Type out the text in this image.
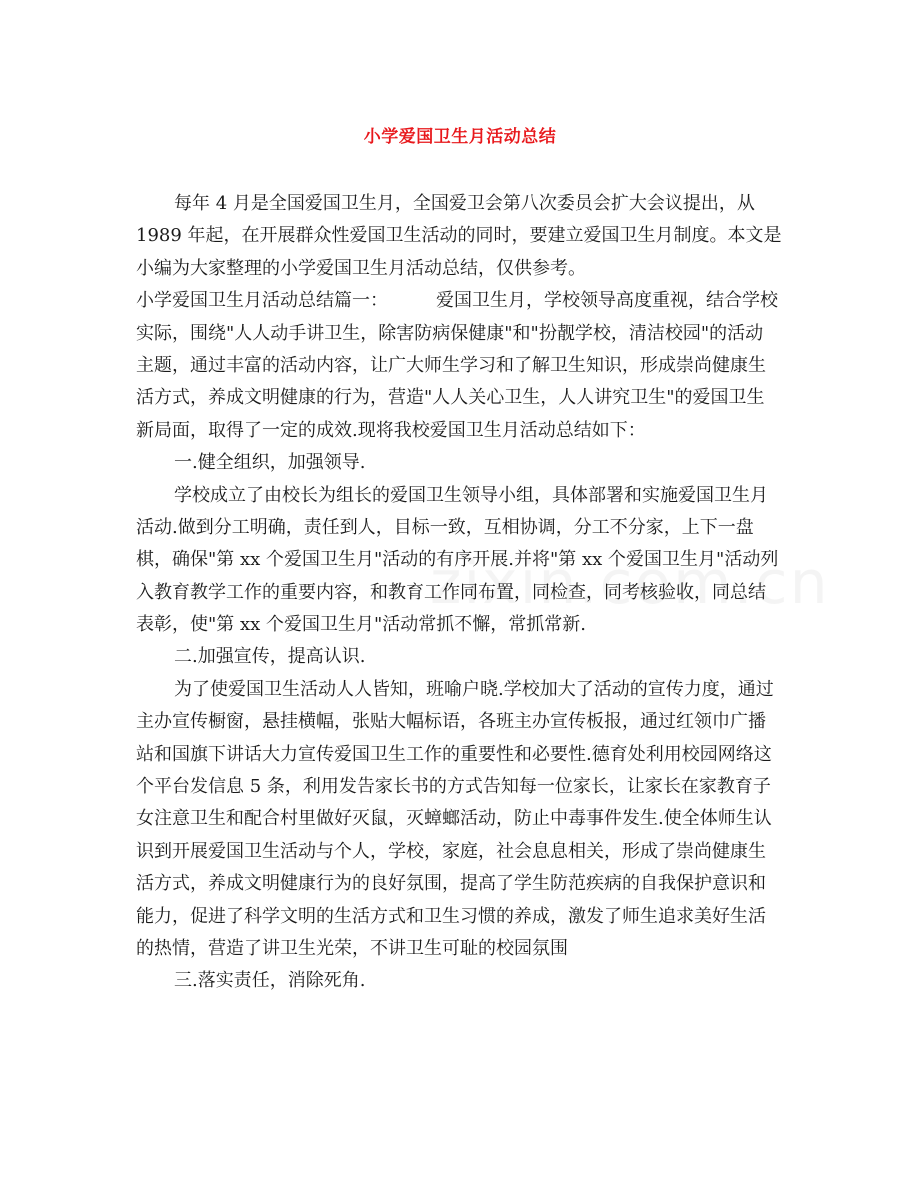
小学爱国卫生月活动总结
每年 4 月是全国爱国卫生月，全国爱卫会第八次委员会扩大会议提出，从
1989 年起，在开展群众性爱国卫生活动的同时，要建立爱国卫生月制度。本文是
小编为大家整理的小学爱国卫生月活动总结，仅供参考。
小学爱国卫生月活动总结篇一：	爱国卫生月，学校领导高度重视，结合学校
实际，围绕"人人动手讲卫生，除害防病保健康"和"扮靓学校，清洁校园"的活动
主题，通过丰富的活动内容，让广大师生学习和了解卫生知识，形成崇尚健康生
活方式，养成文明健康的行为，营造"人人关心卫生，人人讲究卫生"的爱国卫生
新局面，取得了一定的成效.现将我校爱国卫生月活动总结如下：
一.健全组织，加强领导.
学校成立了由校长为组长的爱国卫生领导小组，具体部署和实施爱国卫生月
活动.做到分工明确，责任到人，目标一致，互相协调，分工不分家，上下一盘
棋，确保"第 xx 个爱国卫生月"活动的有序开展.并将"第 xx 个爱国卫生月"活动列
入教育教学工作的重要内容，和教育工作同布置，同检查，同考核验收，同总结
表彰，使"第 xx 个爱国卫生月"活动常抓不懈，常抓常新.
二.加强宣传，提高认识.
为了使爱国卫生活动人人皆知，班喻户晓.学校加大了活动的宣传力度，通过
主办宣传橱窗，悬挂横幅，张贴大幅标语，各班主办宣传板报，通过红领巾广播
站和国旗下讲话大力宣传爱国卫生工作的重要性和必要性.德育处利用校园网络这
个平台发信息 5 条，利用发告家长书的方式告知每一位家长，让家长在家教育子
女注意卫生和配合村里做好灭鼠，灭蟑螂活动，防止中毒事件发生.使全体师生认
识到开展爱国卫生活动与个人，学校，家庭，社会息息相关，形成了崇尚健康生
活方式，养成文明健康行为的良好氛围，提高了学生防范疾病的自我保护意识和
能力，促进了科学文明的生活方式和卫生习惯的养成，激发了师生追求美好生活
的热情，营造了讲卫生光荣，不讲卫生可耻的校园氛围
三.落实责任，消除死角.
